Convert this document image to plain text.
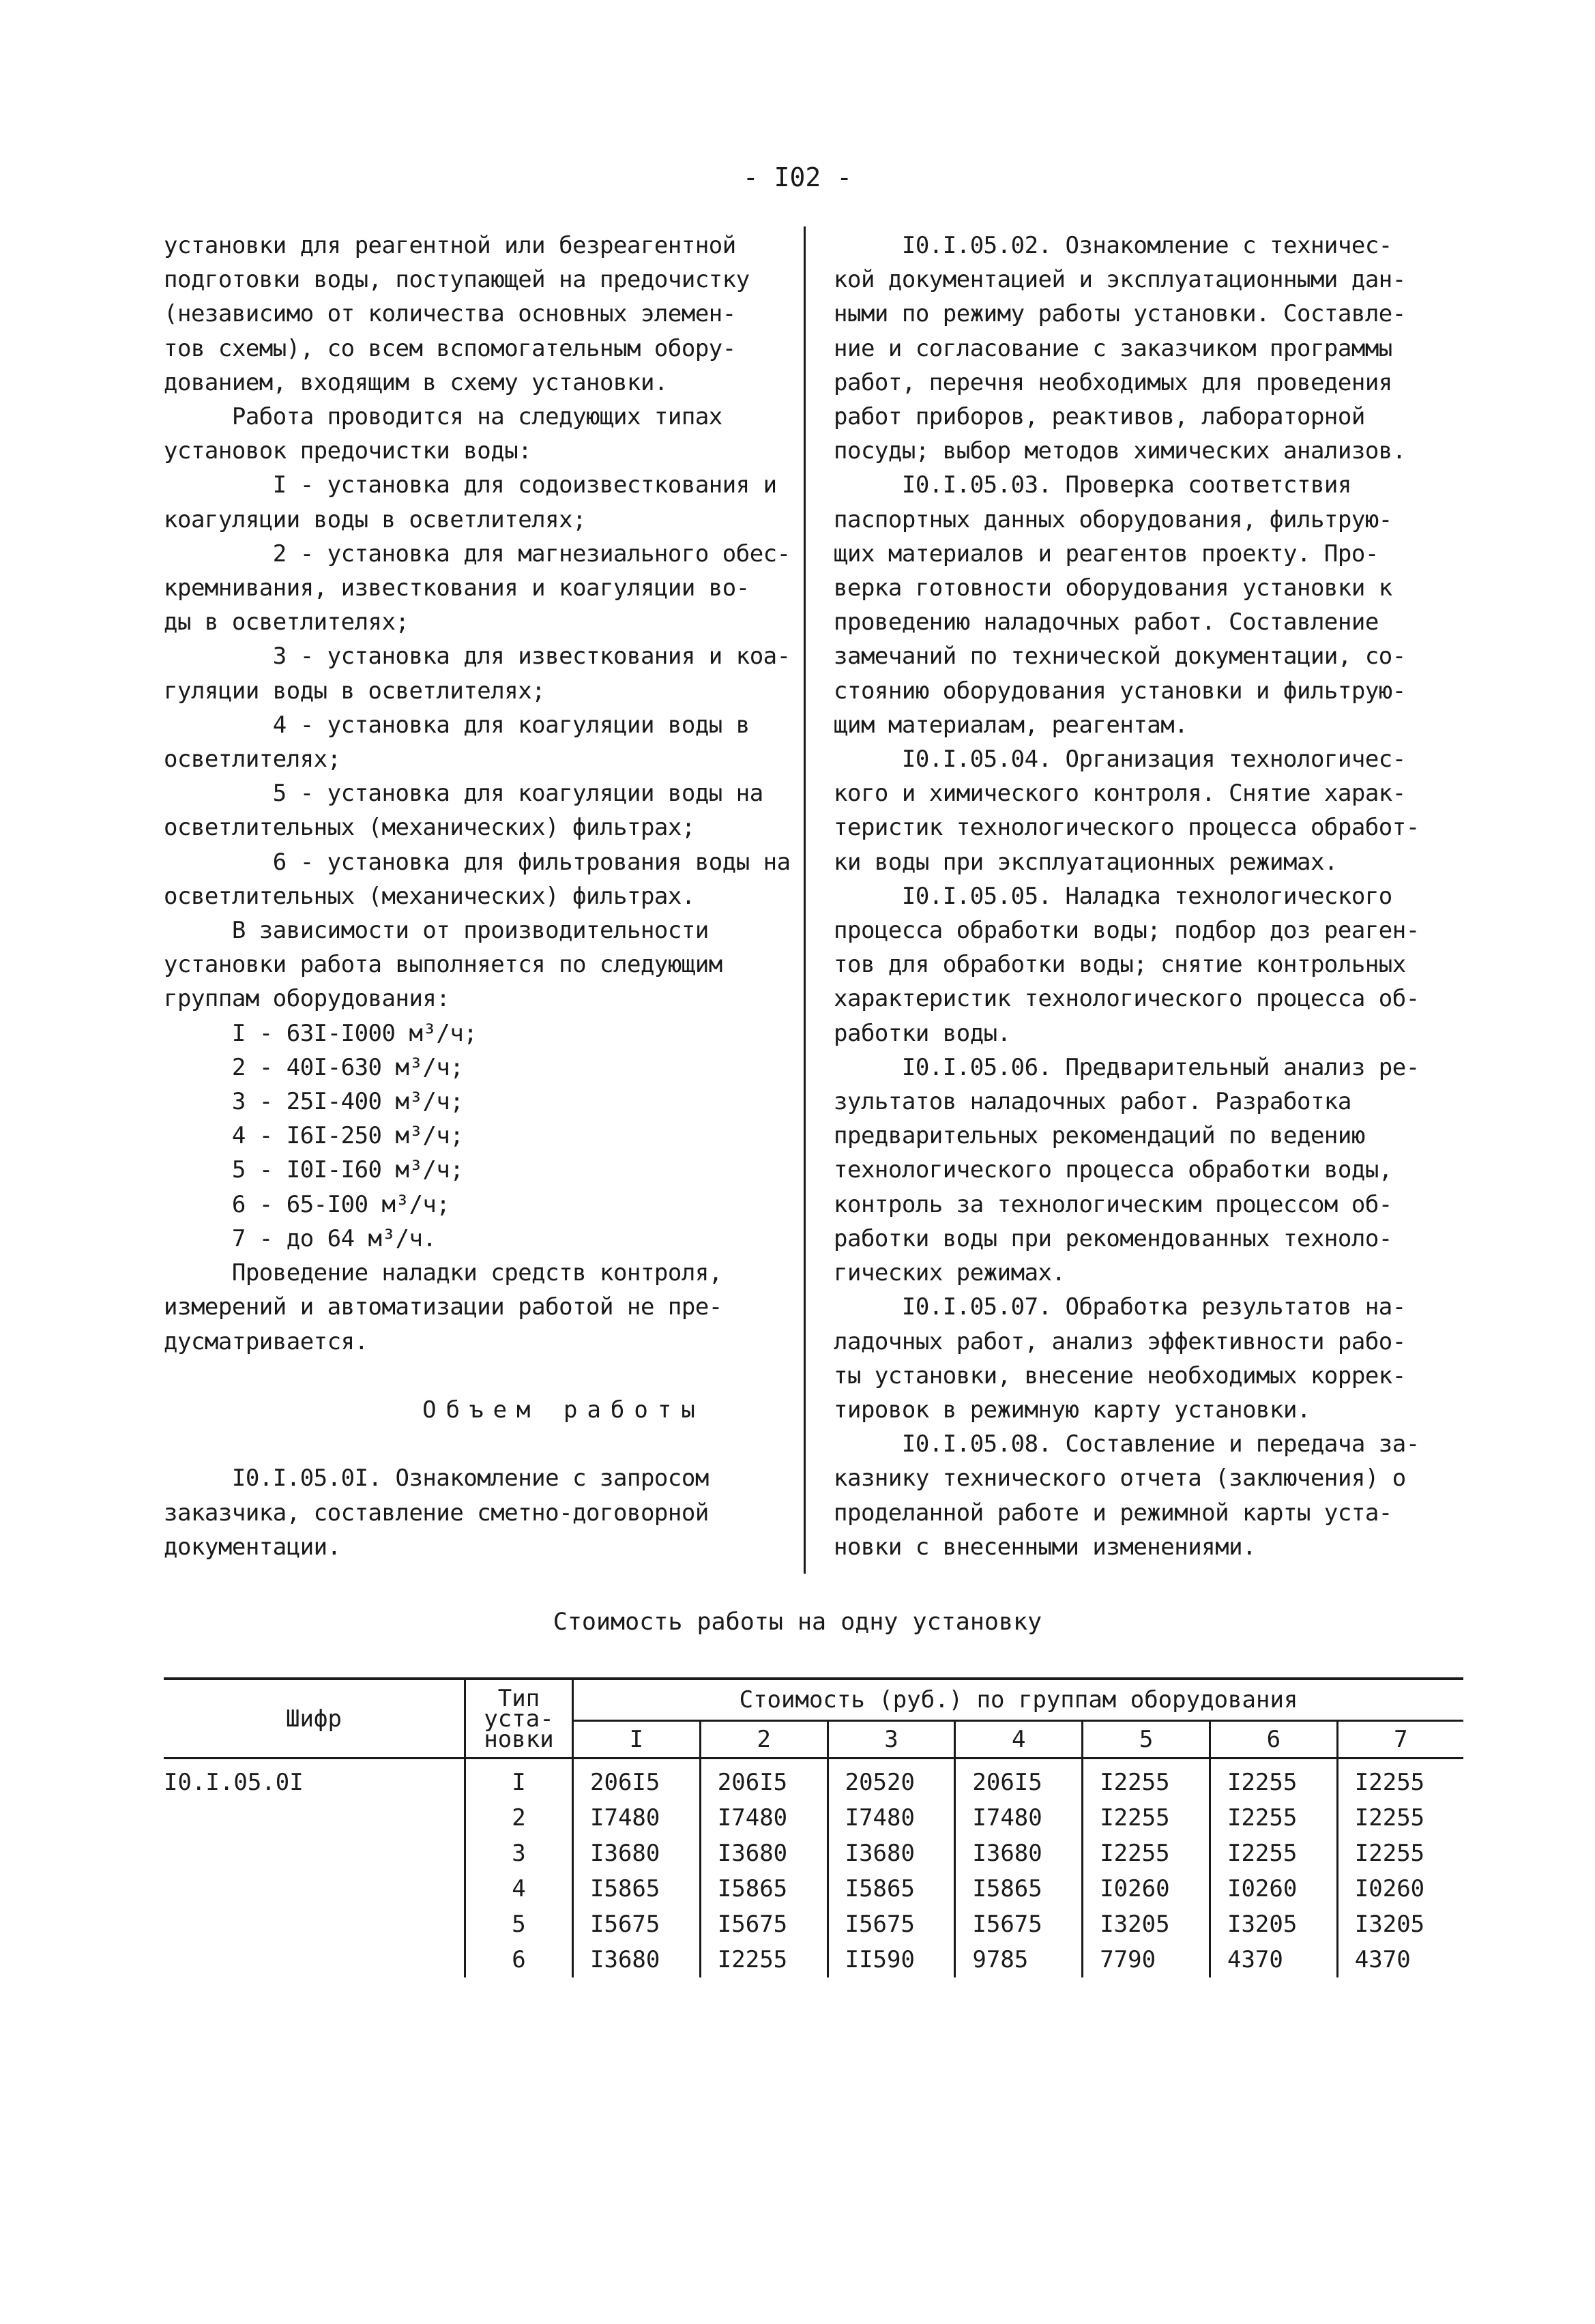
- I02 -
установки для реагентной или безреагентной
подготовки воды, поступающей на предочистку
(независимо от количества основных элемен-
тов схемы), со всем вспомогательным обору-
дованием, входящим в схему установки.
Работа проводится на следующих типах
установок предочистки воды:
I - установка для содоизвесткования и
коагуляции воды в осветлителях;
2 - установка для магнезиального обес-
кремнивания, известкования и коагуляции во-
ды в осветлителях;
3 - установка для известкования и коа-
гуляции воды в осветлителях;
4 - установка для коагуляции воды в
осветлителях;
5 - установка для коагуляции воды на
осветлительных (механических) фильтрах;
6 - установка для фильтрования воды на
осветлительных (механических) фильтрах.
В зависимости от производительности
установки работа выполняется по следующим
группам оборудования:
I - 63I-I000 м³/ч;
2 - 40I-630 м³/ч;
3 - 25I-400 м³/ч;
4 - I6I-250 м³/ч;
5 - I0I-I60 м³/ч;
6 - 65-I00 м³/ч;
7 - до 64 м³/ч.
Проведение наладки средств контроля,
измерений и автоматизации работой не пре-
дусматривается.

Объем работы

I0.I.05.0I. Ознакомление с запросом
заказчика, составление сметно-договорной
документации.
I0.I.05.02. Ознакомление с техничес-
кой документацией и эксплуатационными дан-
ными по режиму работы установки. Составле-
ние и согласование с заказчиком программы
работ, перечня необходимых для проведения
работ приборов, реактивов, лабораторной
посуды; выбор методов химических анализов.
I0.I.05.03. Проверка соответствия
паспортных данных оборудования, фильтрую-
щих материалов и реагентов проекту. Про-
верка готовности оборудования установки к
проведению наладочных работ. Составление
замечаний по технической документации, со-
стоянию оборудования установки и фильтрую-
щим материалам, реагентам.
I0.I.05.04. Организация технологичес-
кого и химического контроля. Снятие харак-
теристик технологического процесса обработ-
ки воды при эксплуатационных режимах.
I0.I.05.05. Наладка технологического
процесса обработки воды; подбор доз реаген-
тов для обработки воды; снятие контрольных
характеристик технологического процесса об-
работки воды.
I0.I.05.06. Предварительный анализ ре-
зультатов наладочных работ. Разработка
предварительных рекомендаций по ведению
технологического процесса обработки воды,
контроль за технологическим процессом об-
работки воды при рекомендованных техноло-
гических режимах.
I0.I.05.07. Обработка результатов на-
ладочных работ, анализ эффективности рабо-
ты установки, внесение необходимых коррек-
тировок в режимную карту установки.
I0.I.05.08. Составление и передача за-
казнику технического отчета (заключения) о
проделанной работе и режимной карты уста-
новки с внесенными изменениями.
Стоимость работы на одну установку
Шифр	Тип уста- новки	Стоимость (руб.) по группам оборудования						
		I	2	3	4	5	6	7
I0.I.05.0I	I	206I5	206I5	20520	206I5	I2255	I2255	I2255
	2	I7480	I7480	I7480	I7480	I2255	I2255	I2255
	3	I3680	I3680	I3680	I3680	I2255	I2255	I2255
	4	I5865	I5865	I5865	I5865	I0260	I0260	I0260
	5	I5675	I5675	I5675	I5675	I3205	I3205	I3205
	6	I3680	I2255	II590	9785	7790	4370	4370
